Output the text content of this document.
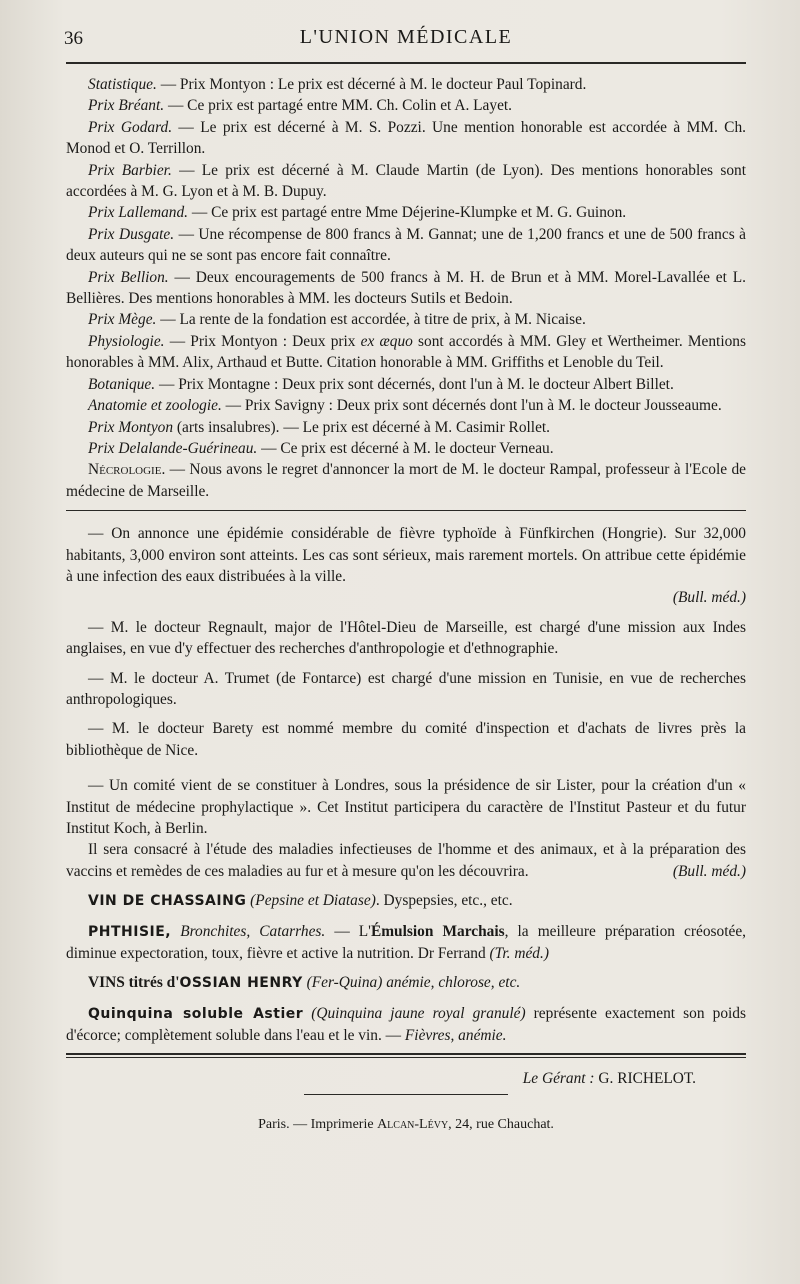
36	L'UNION MÉDICALE

Statistique. — Prix Montyon : Le prix est décerné à M. le docteur Paul Topinard.

Prix Bréant. — Ce prix est partagé entre MM. Ch. Colin et A. Layet.

Prix Godard. — Le prix est décerné à M. S. Pozzi. Une mention honorable est accordée à MM. Ch. Monod et O. Terrillon.

Prix Barbier. — Le prix est décerné à M. Claude Martin (de Lyon). Des mentions honorables sont accordées à M. G. Lyon et à M. B. Dupuy.

Prix Lallemand. — Ce prix est partagé entre Mme Déjerine-Klumpke et M. G. Guinon.

Prix Dusgate. — Une récompense de 800 francs à M. Gannat; une de 1,200 francs et une de 500 francs à deux auteurs qui ne se sont pas encore fait connaître.

Prix Bellion. — Deux encouragements de 500 francs à M. H. de Brun et à MM. Morel-Lavallée et L. Bellières. Des mentions honorables à MM. les docteurs Sutils et Bedoin.

Prix Mège. — La rente de la fondation est accordée, à titre de prix, à M. Nicaise.

Physiologie. — Prix Montyon : Deux prix ex æquo sont accordés à MM. Gley et Wertheimer. Mentions honorables à MM. Alix, Arthaud et Butte. Citation honorable à MM. Griffiths et Lenoble du Teil.

Botanique. — Prix Montagne : Deux prix sont décernés, dont l'un à M. le docteur Albert Billet.

Anatomie et zoologie. — Prix Savigny : Deux prix sont décernés dont l'un à M. le docteur Jousseaume.

Prix Montyon (arts insalubres). — Le prix est décerné à M. Casimir Rollet.

Prix Delalande-Guérineau. — Ce prix est décerné à M. le docteur Verneau.

Nécrologie. — Nous avons le regret d'annoncer la mort de M. le docteur Rampal, professeur à l'Ecole de médecine de Marseille.

— On annonce une épidémie considérable de fièvre typhoïde à Fünfkirchen (Hongrie). Sur 32,000 habitants, 3,000 environ sont atteints. Les cas sont sérieux, mais rarement mortels. On attribue cette épidémie à une infection des eaux distribuées à la ville.
(Bull. méd.)

— M. le docteur Regnault, major de l'Hôtel-Dieu de Marseille, est chargé d'une mission aux Indes anglaises, en vue d'y effectuer des recherches d'anthropologie et d'ethnographie.

— M. le docteur A. Trumet (de Fontarce) est chargé d'une mission en Tunisie, en vue de recherches anthropologiques.

— M. le docteur Barety est nommé membre du comité d'inspection et d'achats de livres près la bibliothèque de Nice.

— Un comité vient de se constituer à Londres, sous la présidence de sir Lister, pour la création d'un « Institut de médecine prophylactique ». Cet Institut participera du caractère de l'Institut Pasteur et du futur Institut Koch, à Berlin.

Il sera consacré à l'étude des maladies infectieuses de l'homme et des animaux, et à la préparation des vaccins et remèdes de ces maladies au fur et à mesure qu'on les découvrira.	(Bull. méd.)

VIN DE CHASSAING (Pepsine et Diatase). Dyspepsies, etc., etc.

PHTHISIE, Bronchites, Catarrhes. — L'Émulsion Marchais, la meilleure préparation créosotée, diminue expectoration, toux, fièvre et active la nutrition. Dr Ferrand (Tr. méd.)

VINS titrés d'OSSIAN HENRY (Fer-Quina) anémie, chlorose, etc.

Quinquina soluble Astier (Quinquina jaune royal granulé) représente exactement son poids d'écorce; complètement soluble dans l'eau et le vin. — Fièvres, anémie.

Le Gérant : G. RICHELOT.
Paris. — Imprimerie Alcan-Lévy, 24, rue Chauchat.
